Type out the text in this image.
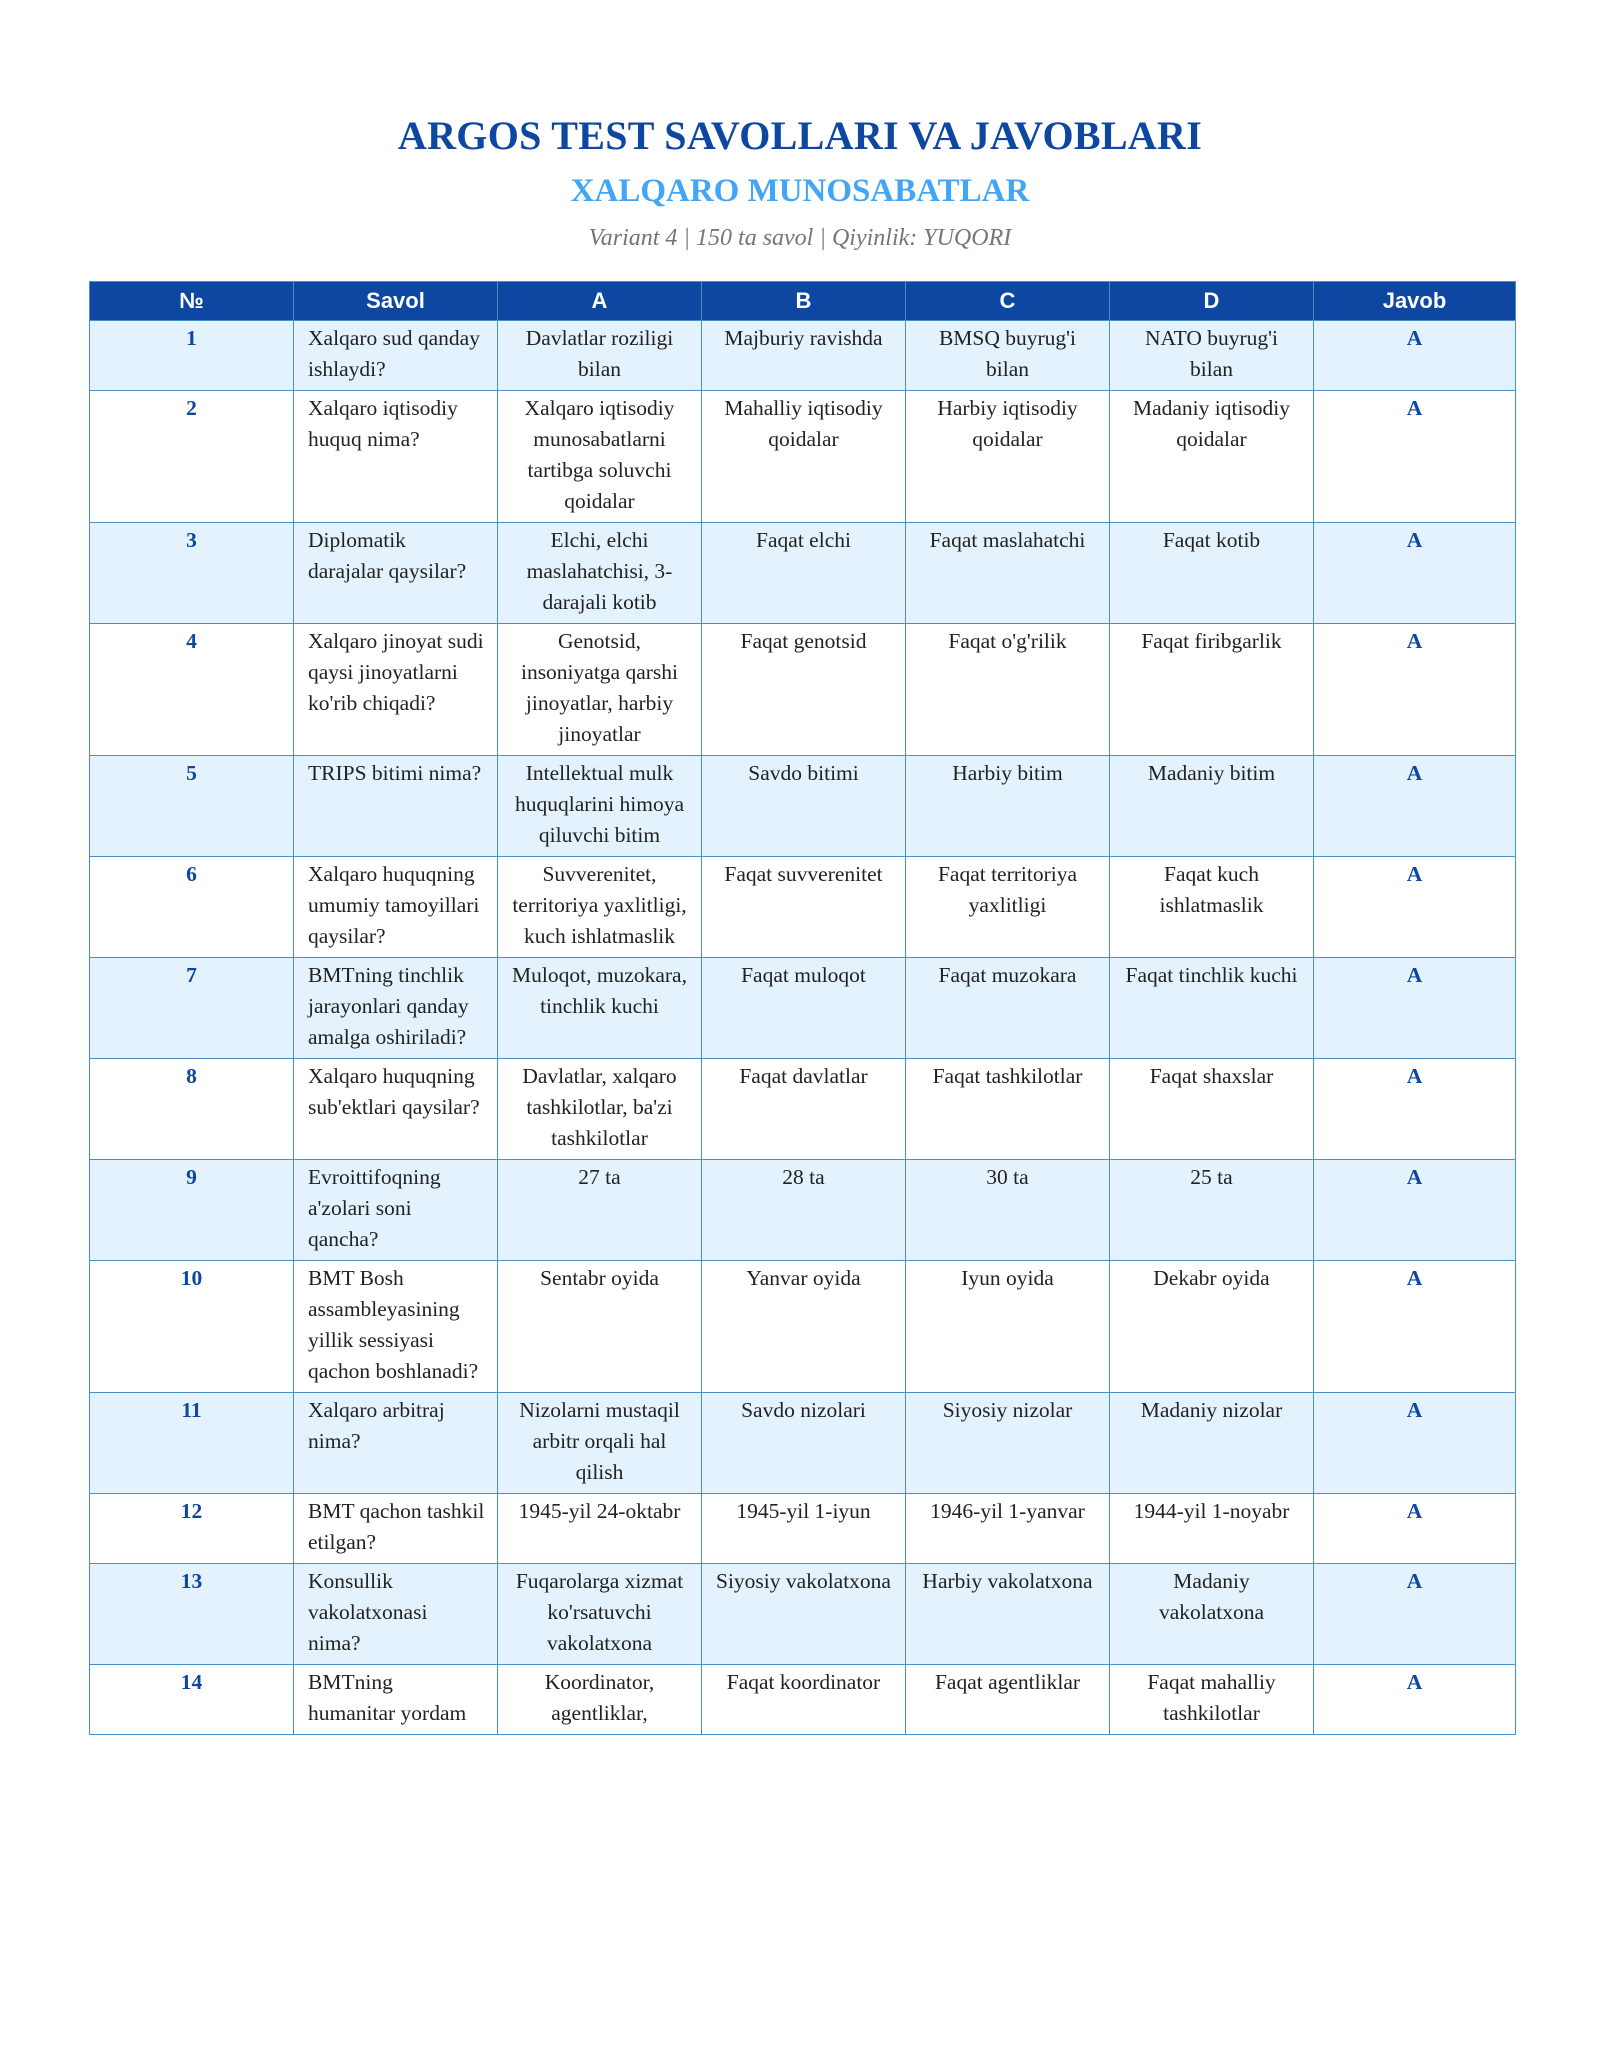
ARGOS TEST SAVOLLARI VA JAVOBLARI
XALQARO MUNOSABATLAR

Variant 4 | 150 ta savol | Qiyinlik: YUQORI

№	Savol	A	B	C	D	Javob
1	Xalqaro sud qanday ishlaydi?	Davlatlar roziligi bilan	Majburiy ravishda	BMSQ buyrug'i bilan	NATO buyrug'i bilan	A
2	Xalqaro iqtisodiy huquq nima?	Xalqaro iqtisodiy munosabatlarni tartibga soluvchi qoidalar	Mahalliy iqtisodiy qoidalar	Harbiy iqtisodiy qoidalar	Madaniy iqtisodiy qoidalar	A
3	Diplomatik darajalar qaysilar?	Elchi, elchi maslahatchisi, 3-darajali kotib	Faqat elchi	Faqat maslahatchi	Faqat kotib	A
4	Xalqaro jinoyat sudi qaysi jinoyatlarni ko'rib chiqadi?	Genotsid, insoniyatga qarshi jinoyatlar, harbiy jinoyatlar	Faqat genotsid	Faqat o'g'rilik	Faqat firibgarlik	A
5	TRIPS bitimi nima?	Intellektual mulk huquqlarini himoya qiluvchi bitim	Savdo bitimi	Harbiy bitim	Madaniy bitim	A
6	Xalqaro huquqning umumiy tamoyillari qaysilar?	Suvverenitet, territoriya yaxlitligi, kuch ishlatmaslik	Faqat suvverenitet	Faqat territoriya yaxlitligi	Faqat kuch ishlatmaslik	A
7	BMTning tinchlik jarayonlari qanday amalga oshiriladi?	Muloqot, muzokara, tinchlik kuchi	Faqat muloqot	Faqat muzokara	Faqat tinchlik kuchi	A
8	Xalqaro huquqning sub'ektlari qaysilar?	Davlatlar, xalqaro tashkilotlar, ba'zi tashkilotlar	Faqat davlatlar	Faqat tashkilotlar	Faqat shaxslar	A
9	Evroittifoqning a'zolari soni qancha?	27 ta	28 ta	30 ta	25 ta	A
10	BMT Bosh assambleyasining yillik sessiyasi qachon boshlanadi?	Sentabr oyida	Yanvar oyida	Iyun oyida	Dekabr oyida	A
11	Xalqaro arbitraj nima?	Nizolarni mustaqil arbitr orqali hal qilish	Savdo nizolari	Siyosiy nizolar	Madaniy nizolar	A
12	BMT qachon tashkil etilgan?	1945-yil 24-oktabr	1945-yil 1-iyun	1946-yil 1-yanvar	1944-yil 1-noyabr	A
13	Konsullik vakolatxonasi nima?	Fuqarolarga xizmat ko'rsatuvchi vakolatxona	Siyosiy vakolatxona	Harbiy vakolatxona	Madaniy vakolatxona	A
14	BMTning humanitar yordam	Koordinator, agentliklar,	Faqat koordinator	Faqat agentliklar	Faqat mahalliy tashkilotlar	A
